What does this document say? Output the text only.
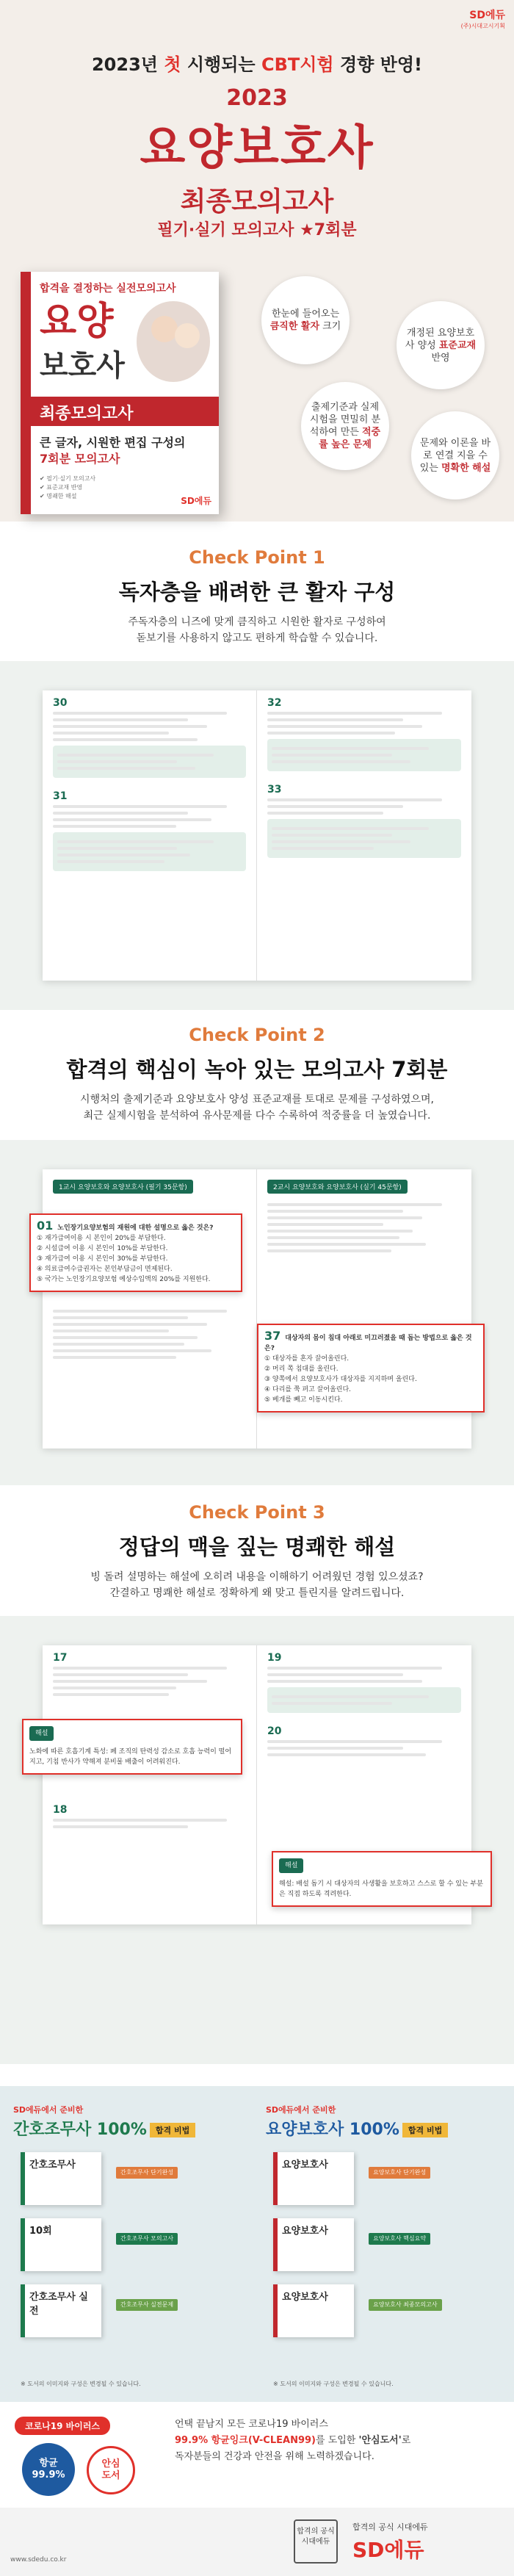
SD에듀
(주)시대고시기획
2023년 첫 시행되는 CBT시험 경향 반영!
2023
요양보호사
최종모의고사
필기·실기 모의고사 ★7회분
합격을 결정하는 실전모의고사
요양
보호사
최종모의고사
큰 글자, 시원한 편집 구성의
7회분 모의고사
✔ 필기·실기 모의고사
✔ 표준교재 반영
✔ 명쾌한 해설	SD에듀
한눈에 들어오는
큼직한 활자 크기
개정된 요양보호사 양성 표준교재 반영
출제기준과 실제시험을 면밀히 분석하여 만든 적중률 높은 문제	문제와 이론을 바로 연결 지을 수 있는 명확한 해설
Check Point 1
독자층을 배려한 큰 활자 구성
주독자층의 니즈에 맞게 큼직하고 시원한 활자로 구성하여
돋보기를 사용하지 않고도 편하게 학습할 수 있습니다.
30
31
32
33
Check Point 2
합격의 핵심이 녹아 있는 모의고사 7회분
시행처의 출제기준과 요양보호사 양성 표준교재를 토대로 문제를 구성하였으며,
최근 실제시험을 분석하여 유사문제를 다수 수록하여 적중률을 더 높였습니다.
1교시 요양보호와 요양보호사 (필기 35문항)	2교시 요양보호와 요양보호사 (실기 45문항)
01 노인장기요양보험의 재원에 대한 설명으로 옳은 것은?
① 재가급여이용 시 본인이 20%를 부담한다.
② 시설급여 이용 시 본인이 10%를 부담한다.
③ 재가급여 이용 시 본인이 30%를 부담한다.
④ 의료급여수급권자는 본인부담금이 면제된다.
⑤ 국가는 노인장기요양보험 예상수입액의 20%를 지원한다.
37 대상자의 몸이 침대 아래로 미끄러졌을 때 돕는 방법으로 옳은 것은?
① 대상자를 혼자 끌어올린다.
② 머리 쪽 침대를 올린다.
③ 양쪽에서 요양보호사가 대상자를 지지하며 올린다.
④ 다리를 쭉 펴고 끌어올린다.
⑤ 베개를 빼고 이동시킨다.
Check Point 3
정답의 맥을 짚는 명쾌한 해설
빙 돌려 설명하는 해설에 오히려 내용을 이해하기 어려웠던 경험 있으셨죠?
간결하고 명쾌한 해설로 정확하게 왜 맞고 틀린지를 알려드립니다.
17
18
19
20
해설
노화에 따른 호흡기계 특성: 폐 조직의 탄력성 감소로 호흡 능력이 떨어지고, 기침 반사가 약해져 분비물 배출이 어려워진다.
해설
해설: 배설 돕기 시 대상자의 사생활을 보호하고 스스로 할 수 있는 부분은 직접 하도록 격려한다.
SD에듀에서 준비한
간호조무사 100% 합격 비법
간호조무사
간호조무사 단기완성
10회
간호조무사 모의고사
간호조무사 실전
간호조무사 실전문제
※ 도서의 이미지와 구성은 변경될 수 있습니다.
SD에듀에서 준비한
요양보호사 100% 합격 비법
요양보호사
요양보호사 단기완성
요양보호사
요양보호사 핵심요약
요양보호사
요양보호사 최종모의고사
※ 도서의 이미지와 구성은 변경될 수 있습니다.
코로나19 바이러스
항균
99.9%
안심
도서
언택 끝남지 모든 코로나19 바이러스
99.9% 항균잉크(V-CLEAN99)를 도입한 '안심도서'로
독자분들의 건강과 안전을 위해 노력하겠습니다.
www.sdedu.co.kr
합격의 공식 시대에듀
합격의 공식 시대에듀
SD에듀
